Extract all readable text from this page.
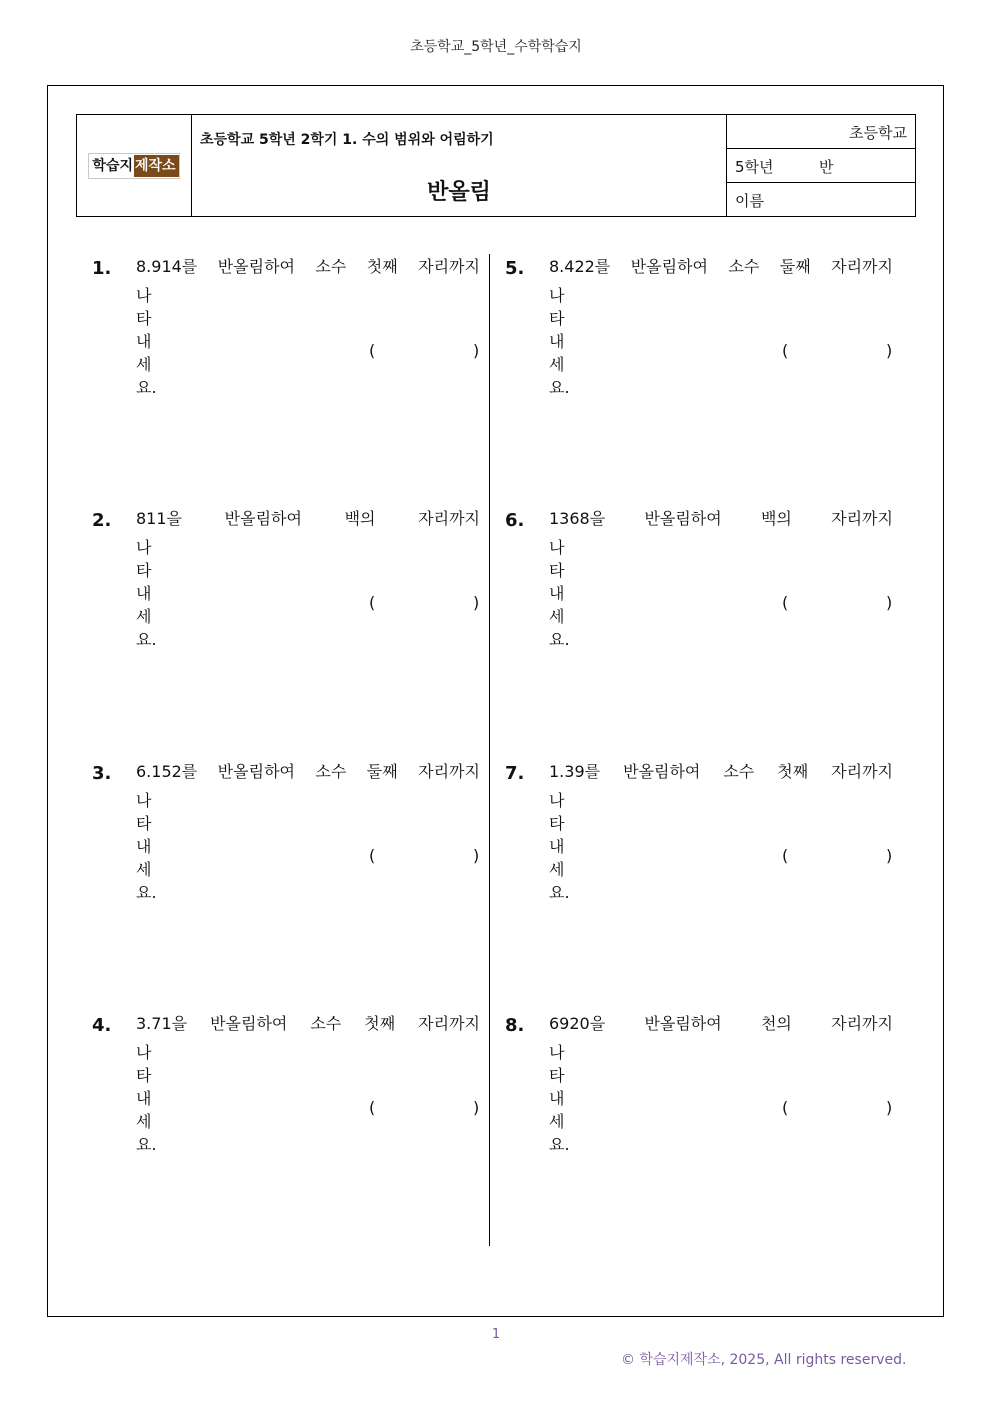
초등학교_5학년_수학학습지
학습지 제작소
초등학교 5학년 2학기 1. 수의 범위와 어림하기
반올림
초등학교
5학년	반
이름
1. 8.914를 반올림하여 소수 첫째 자리까지
나타내세요.
(	)
2. 811을	반올림하여	백의	자리까지
나타내세요.
(	)
3. 6.152를 반올림하여 소수 둘째 자리까지
나타내세요.
(	)
4. 3.71을 반올림하여 소수 첫째 자리까지
나타내세요.
(	)
5. 8.422를 반올림하여 소수 둘째 자리까지
나타내세요.
(	)
6. 1368을 반올림하여 백의 자리까지
나타내세요.
(	)
7. 1.39를 반올림하여 소수 첫째 자리까지
나타내세요.
(	)
8. 6920을 반올림하여 천의 자리까지
나타내세요.
(	)
1
© 학습지제작소, 2025, All rights reserved.
